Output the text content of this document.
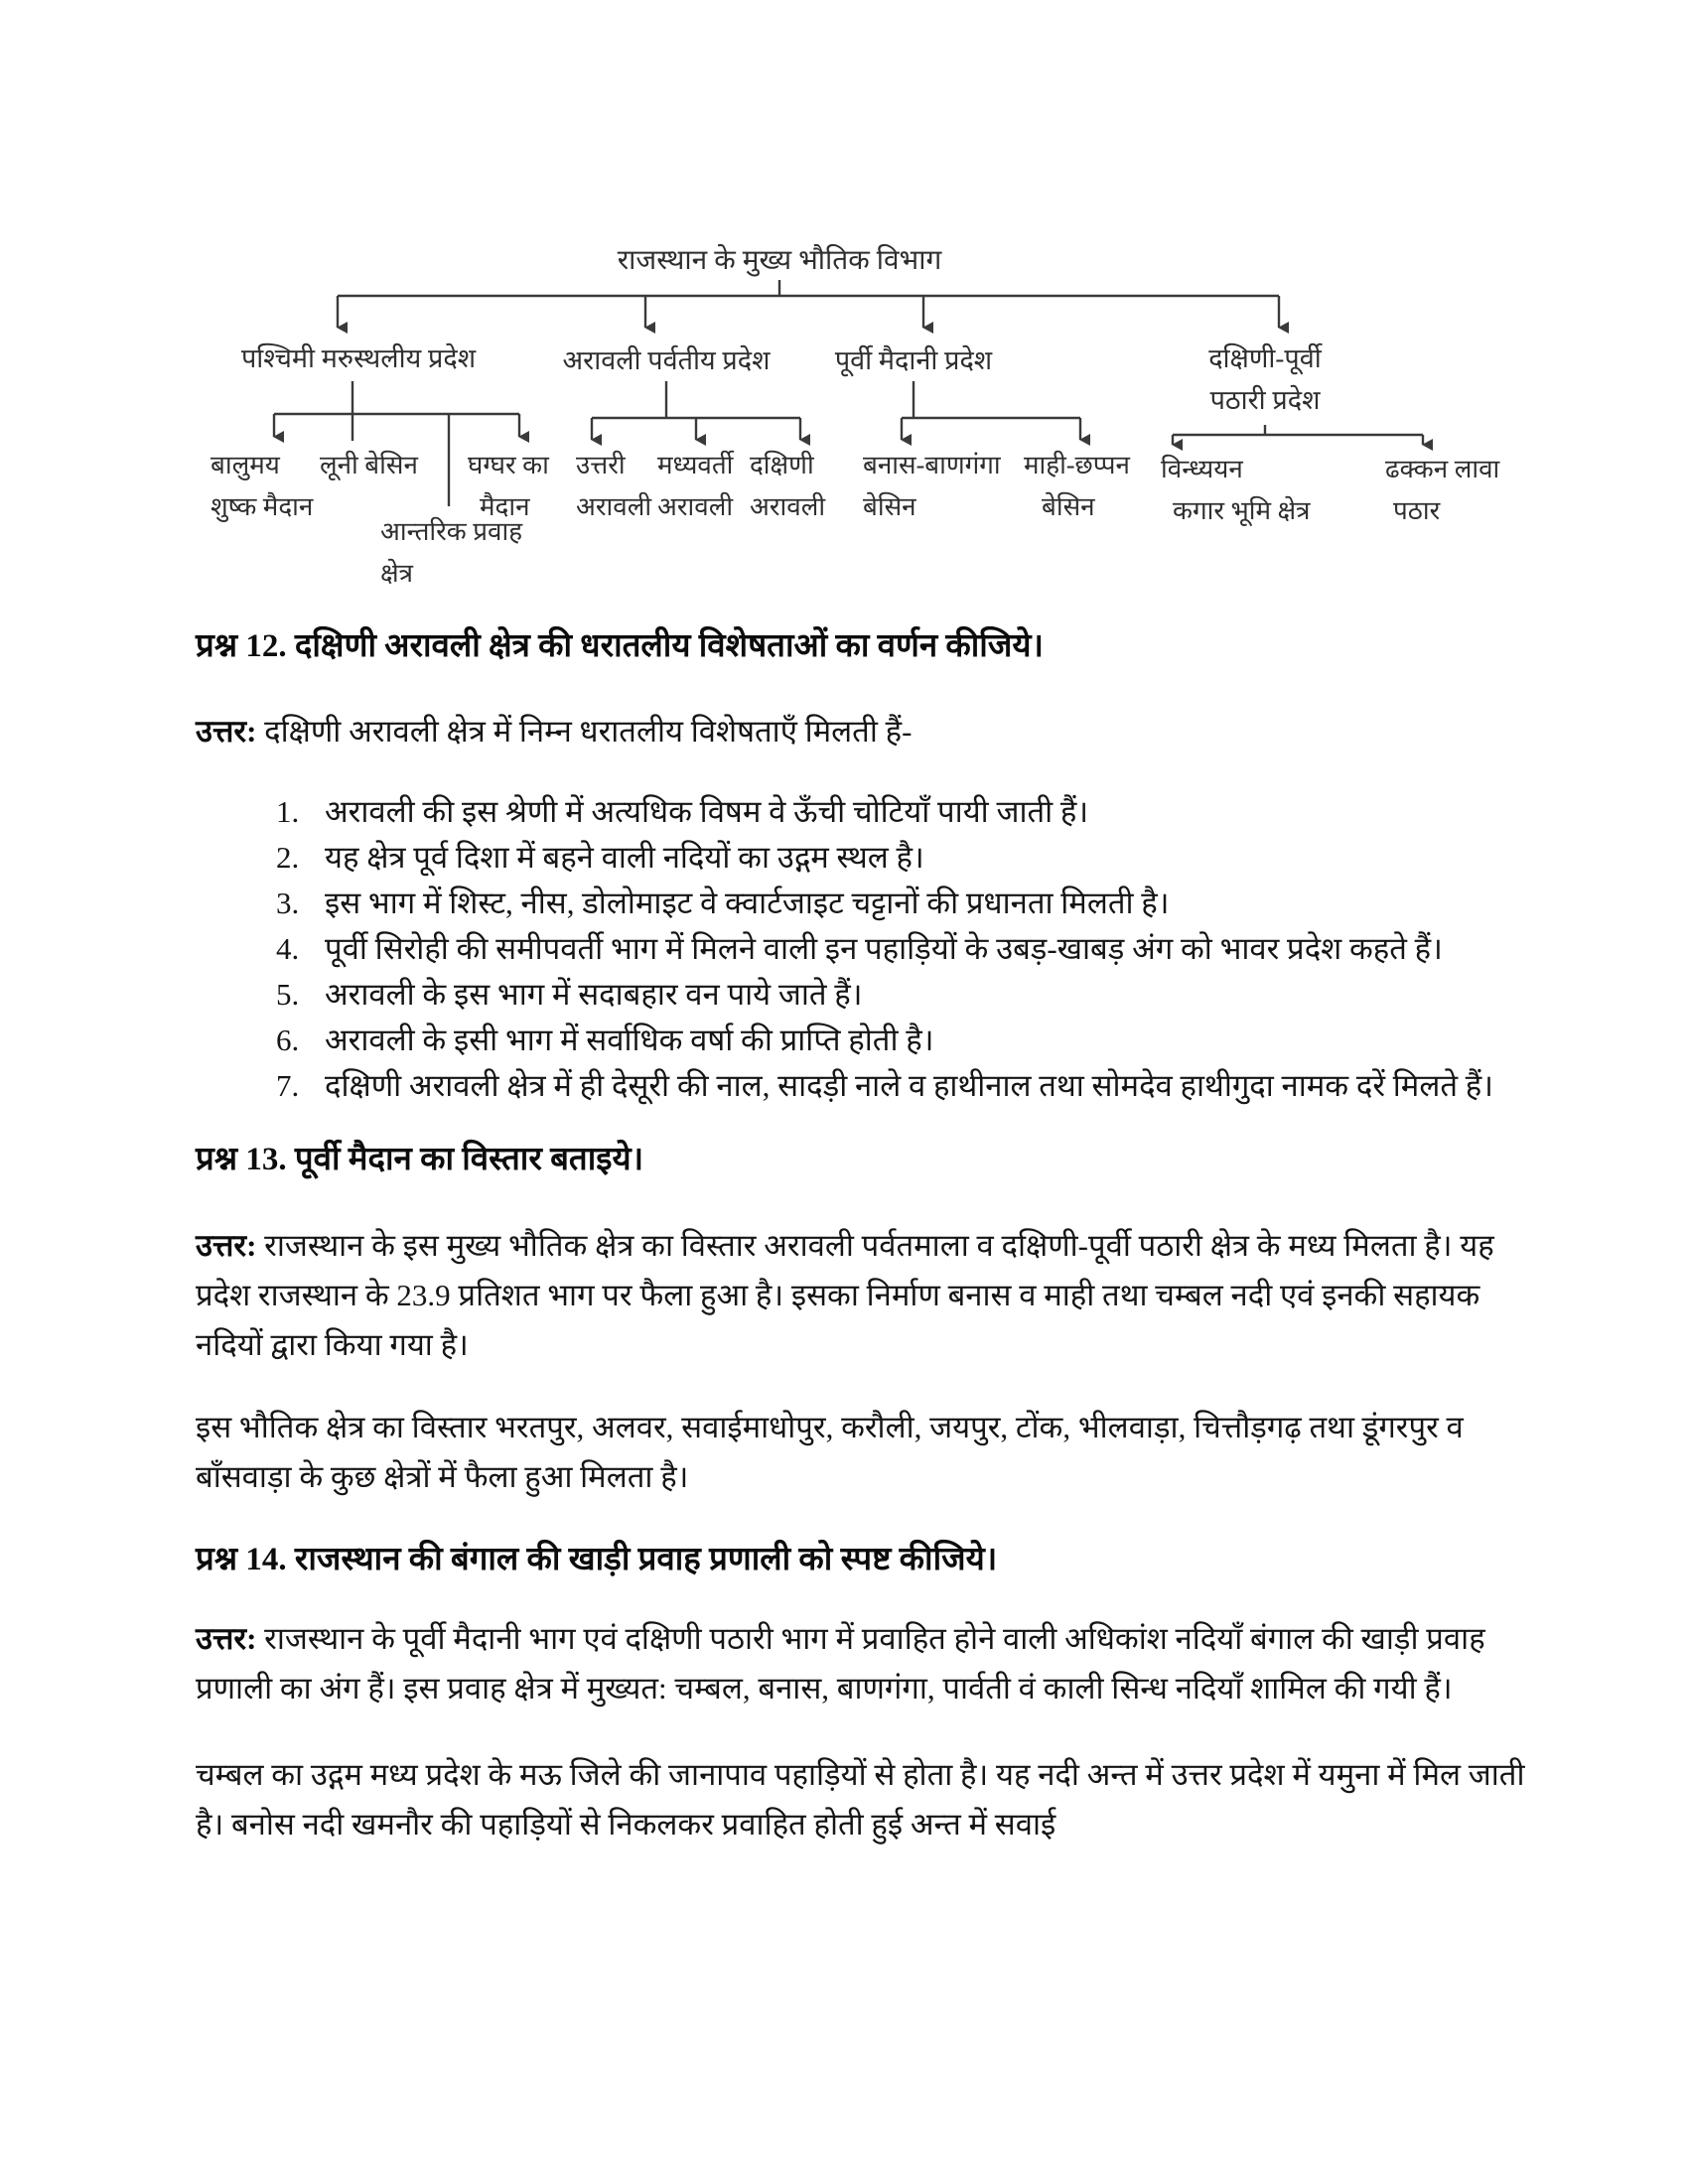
राजस्थान के मुख्य भौतिक विभाग
पश्चिमी मरुस्थलीय प्रदेश	अरावली पर्वतीय प्रदेश	पूर्वी मैदानी प्रदेश	दक्षिणी-पूर्वी
पठारी प्रदेश
बालुमय
शुष्क मैदान
लूनी बेसिन घग्घर का
मैदान
आन्तरिक प्रवाह
क्षेत्र
उत्तरी
अरावली
मध्यवर्ती
अरावली
दक्षिणी
अरावली
बनास-बाणगंगा
बेसिन
माही-छप्पन
बेसिन
विन्ध्ययन
कगार भूमि क्षेत्र
ढक्कन लावा
पठार

प्रश्न 12. दक्षिणी अरावली क्षेत्र की धरातलीय विशेषताओं का वर्णन कीजिये।

उत्तर: दक्षिणी अरावली क्षेत्र में निम्न धरातलीय विशेषताएँ मिलती हैं-

1. अरावली की इस श्रेणी में अत्यधिक विषम वे ऊँची चोटियाँ पायी जाती हैं।
2. यह क्षेत्र पूर्व दिशा में बहने वाली नदियों का उद्गम स्थल है।
3. इस भाग में शिस्ट, नीस, डोलोमाइट वे क्वार्टजाइट चट्टानों की प्रधानता मिलती है।
4. पूर्वी सिरोही की समीपवर्ती भाग में मिलने वाली इन पहाड़ियों के उबड़-खाबड़ अंग को भावर प्रदेश कहते हैं।
5. अरावली के इस भाग में सदाबहार वन पाये जाते हैं।
6. अरावली के इसी भाग में सर्वाधिक वर्षा की प्राप्ति होती है।
7. दक्षिणी अरावली क्षेत्र में ही देसूरी की नाल, सादड़ी नाले व हाथीनाल तथा सोमदेव हाथीगुदा नामक दरें मिलते हैं।

प्रश्न 13. पूर्वी मैदान का विस्तार बताइये।

उत्तर: राजस्थान के इस मुख्य भौतिक क्षेत्र का विस्तार अरावली पर्वतमाला व दक्षिणी-पूर्वी पठारी क्षेत्र के मध्य मिलता है। यह प्रदेश राजस्थान के 23.9 प्रतिशत भाग पर फैला हुआ है। इसका निर्माण बनास व माही तथा चम्बल नदी एवं इनकी सहायक नदियों द्वारा किया गया है।

इस भौतिक क्षेत्र का विस्तार भरतपुर, अलवर, सवाईमाधोपुर, करौली, जयपुर, टोंक, भीलवाड़ा, चित्तौड़गढ़ तथा डूंगरपुर व बाँसवाड़ा के कुछ क्षेत्रों में फैला हुआ मिलता है।

प्रश्न 14. राजस्थान की बंगाल की खाड़ी प्रवाह प्रणाली को स्पष्ट कीजिये।

उत्तर: राजस्थान के पूर्वी मैदानी भाग एवं दक्षिणी पठारी भाग में प्रवाहित होने वाली अधिकांश नदियाँ बंगाल की खाड़ी प्रवाह प्रणाली का अंग हैं। इस प्रवाह क्षेत्र में मुख्यत: चम्बल, बनास, बाणगंगा, पार्वती वं काली सिन्ध नदियाँ शामिल की गयी हैं।

चम्बल का उद्गम मध्य प्रदेश के मऊ जिले की जानापाव पहाड़ियों से होता है। यह नदी अन्त में उत्तर प्रदेश में यमुना में मिल जाती है। बनोस नदी खमनौर की पहाड़ियों से निकलकर प्रवाहित होती हुई अन्त में सवाई
